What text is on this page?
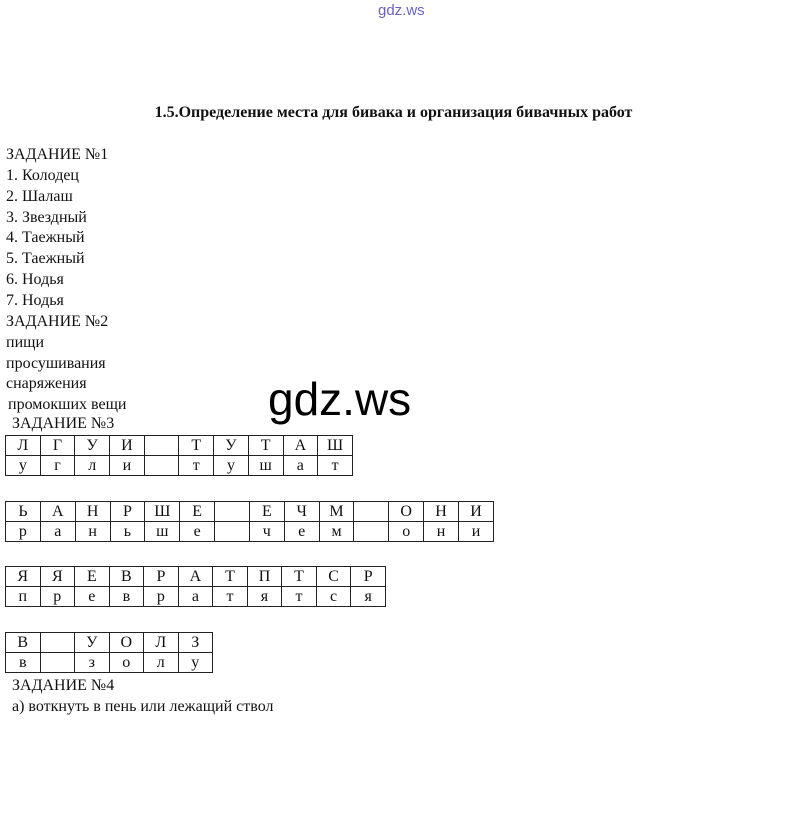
gdz.ws
1.5.Определение места для бивака и организация бивачных работ
ЗАДАНИЕ №1
1. Колодец
2. Шалаш
3. Звездный
4. Таежный
5. Таежный
6. Нодья
7. Нодья
ЗАДАНИЕ №2
пищи
просушивания
снаряжения
промокших вещи
ЗАДАНИЕ №3	gdz.ws
Л	Г	У	И		Т	У	Т	А	Ш
у	г	л	и		т	у	ш	а	т
Ь	А	Н	Р	Ш	Е		Е	Ч	М		О	Н	И
р	а	н	ь	ш	е		ч	е	м		о	н	и
Я	Я	Е	В	Р	А	Т	П	Т	С	Р
п	р	е	в	р	а	т	я	т	с	я
В		У	О	Л	З
в		з	о	л	у
ЗАДАНИЕ №4
а) воткнуть в пень или лежащий ствол
